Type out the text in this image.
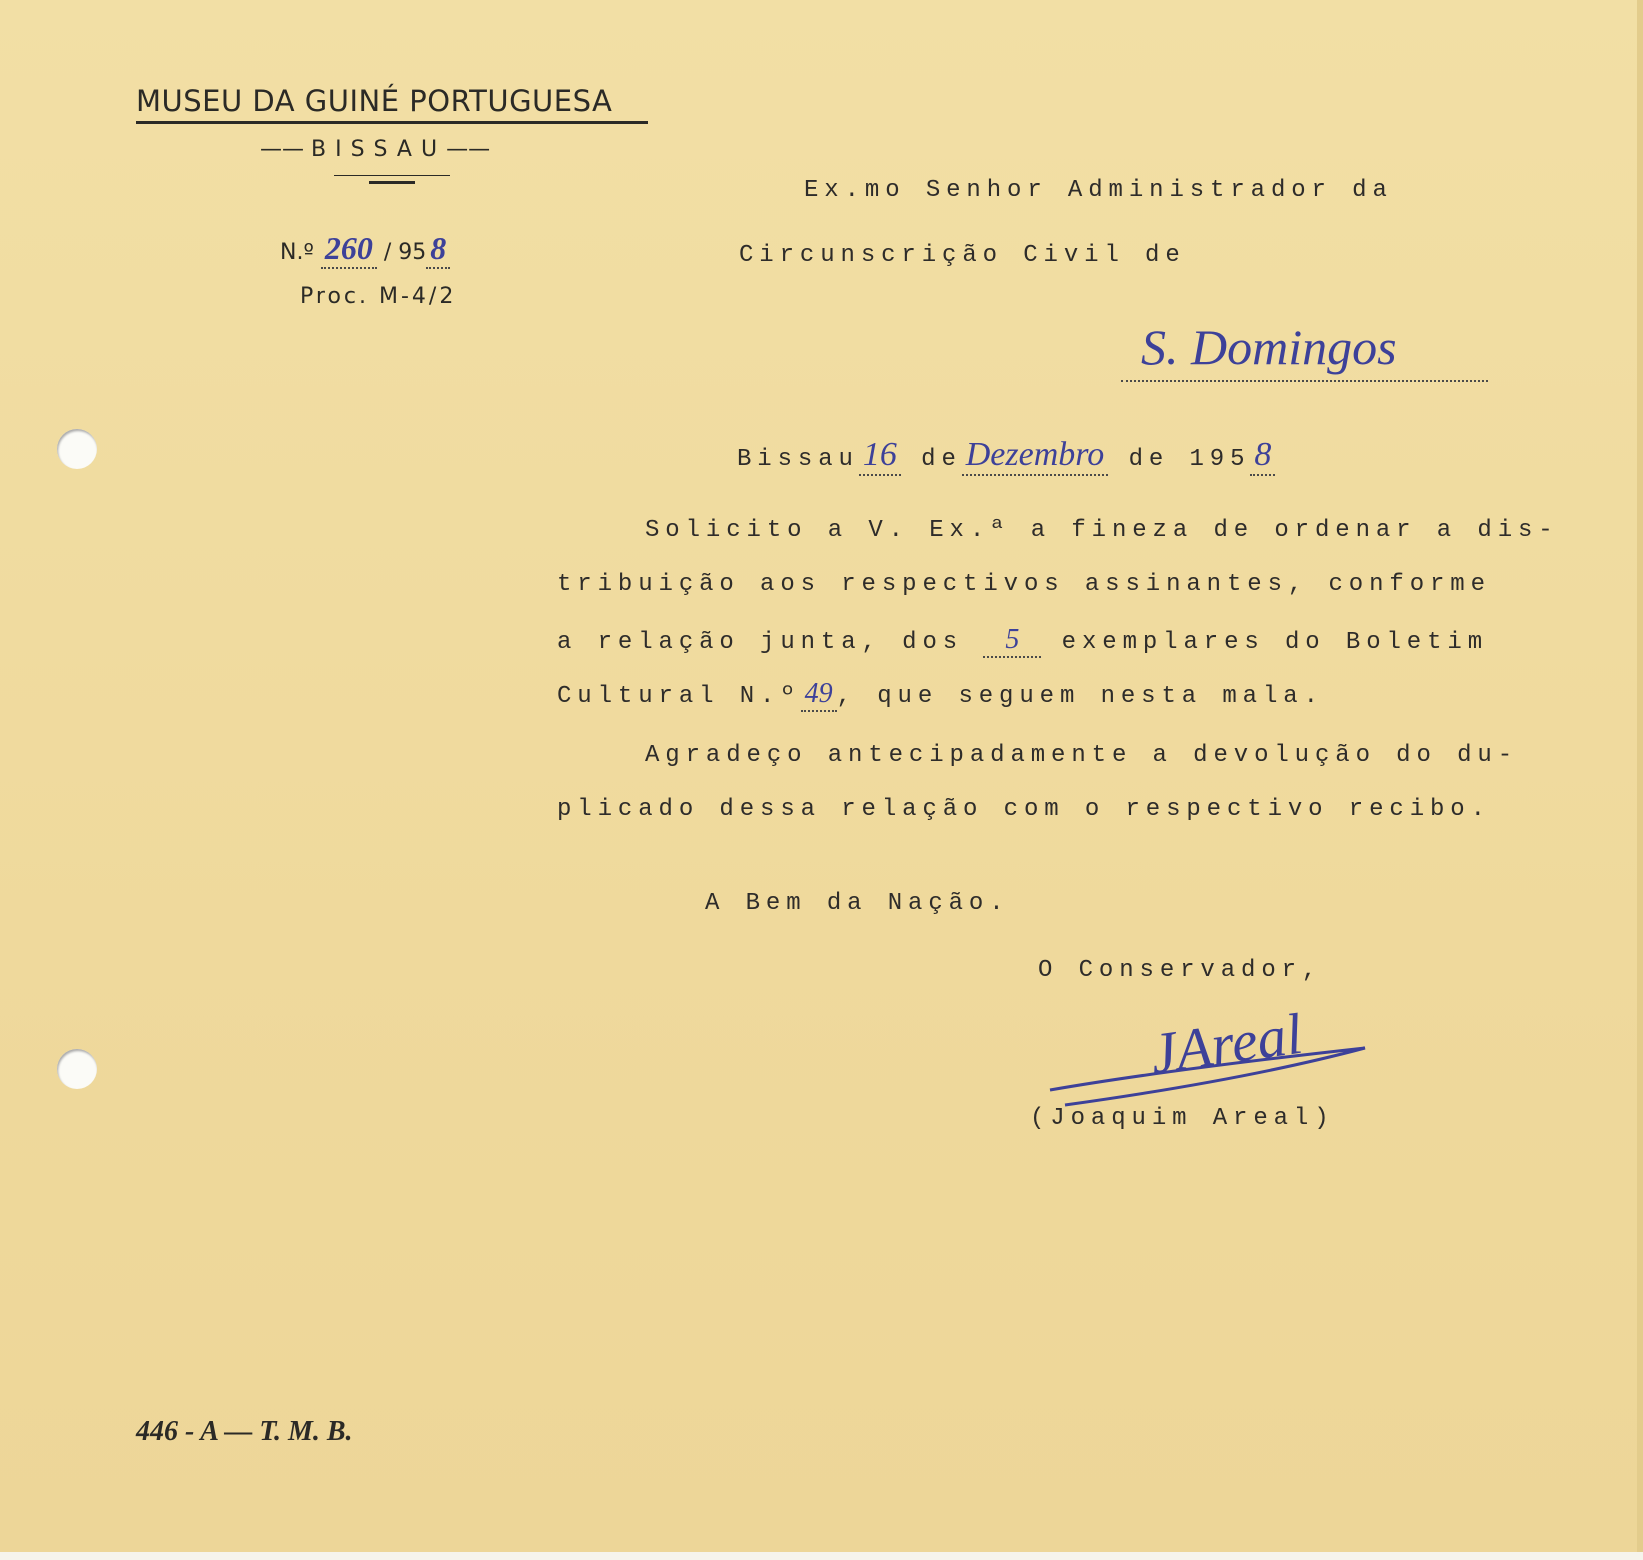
MUSEU DA GUINÉ PORTUGUESA
—— BISSAU——
N.º 260 / 95 8
Proc. M-4/2
Ex.mo Senhor Administrador da
Circunscrição Civil de
S. Domingos
Bissau 16 de Dezembro de 195 8
Solicito a V. Ex.ª a fineza de ordenar a dis-
tribuição aos respectivos assinantes, conforme
a relação junta, dos 5 exemplares do Boletim
Cultural N.º 49 , que seguem nesta mala.
Agradeço antecipadamente a devolução do du-
plicado dessa relação com o respectivo recibo.
A Bem da Nação.
O Conservador,
JAreal
(Joaquim Areal)
446 - A — T. M. B.
